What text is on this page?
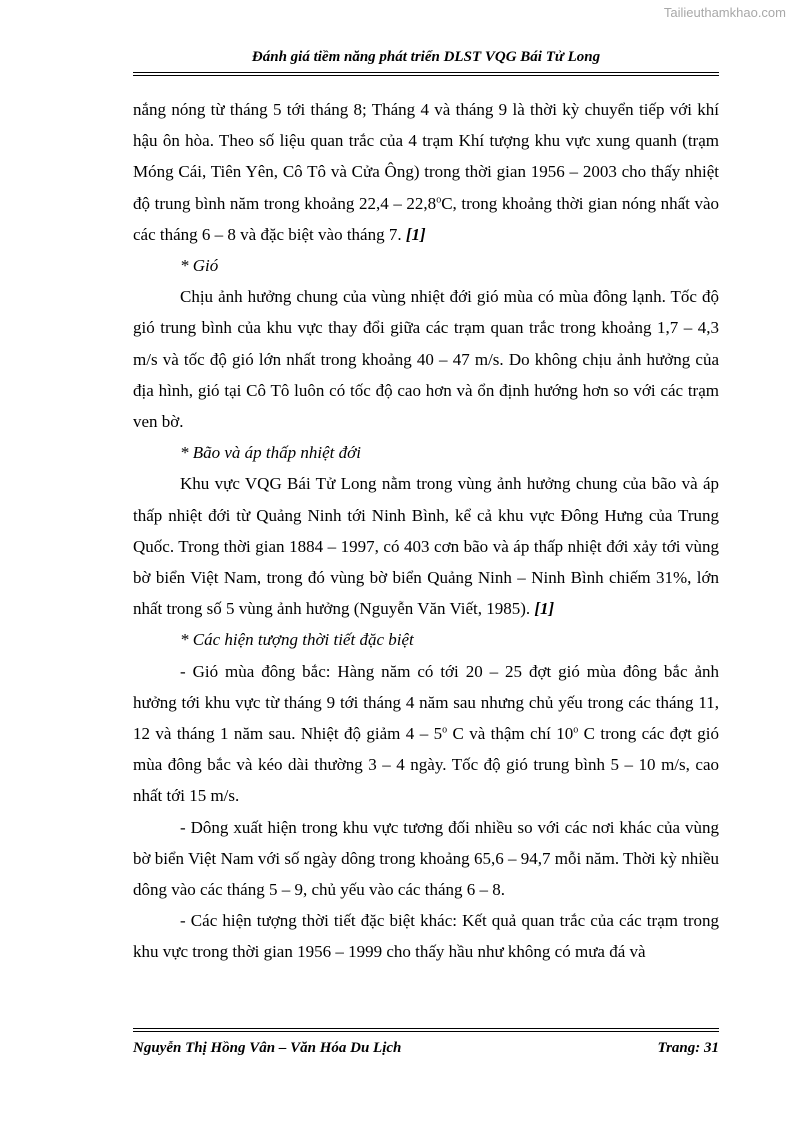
Tailieuthamkhao.com
Đánh giá tiềm năng phát triển DLST VQG Bái Tử Long

nắng nóng từ tháng 5 tới tháng 8; Tháng 4 và tháng 9 là thời kỳ chuyển tiếp với khí hậu ôn hòa. Theo số liệu quan trắc của 4 trạm Khí tượng khu vực xung quanh (trạm Móng Cái, Tiên Yên, Cô Tô và Cửa Ông) trong thời gian 1956 – 2003 cho thấy nhiệt độ trung bình năm trong khoảng 22,4 – 22,8$^o$C, trong khoảng thời gian nóng nhất vào các tháng 6 – 8 và đặc biệt vào tháng 7. [1]

* Gió

Chịu ảnh hưởng chung của vùng nhiệt đới gió mùa có mùa đông lạnh. Tốc độ gió trung bình của khu vực thay đổi giữa các trạm quan trắc trong khoảng 1,7 – 4,3 m/s và tốc độ gió lớn nhất trong khoảng 40 – 47 m/s. Do không chịu ảnh hưởng của địa hình, gió tại Cô Tô luôn có tốc độ cao hơn và ổn định hướng hơn so với các trạm ven bờ.

* Bão và áp thấp nhiệt đới

Khu vực VQG Bái Tử Long nằm trong vùng ảnh hưởng chung của bão và áp thấp nhiệt đới từ Quảng Ninh tới Ninh Bình, kể cả khu vực Đông Hưng của Trung Quốc. Trong thời gian 1884 – 1997, có 403 cơn bão và áp thấp nhiệt đới xảy tới vùng bờ biển Việt Nam, trong đó vùng bờ biển Quảng Ninh – Ninh Bình chiếm 31%, lớn nhất trong số 5 vùng ảnh hưởng (Nguyễn Văn Viết, 1985). [1]

* Các hiện tượng thời tiết đặc biệt

- Gió mùa đông bắc: Hàng năm có tới 20 – 25 đợt gió mùa đông bắc ảnh hưởng tới khu vực từ tháng 9 tới tháng 4 năm sau nhưng chủ yếu trong các tháng 11, 12 và tháng 1 năm sau. Nhiệt độ giảm 4 – 5$^o$ C và thậm chí 10$^o$ C trong các đợt gió mùa đông bắc và kéo dài thường 3 – 4 ngày. Tốc độ gió trung bình 5 – 10 m/s, cao nhất tới 15 m/s.

- Dông xuất hiện trong khu vực tương đối nhiều so với các nơi khác của vùng bờ biển Việt Nam với số ngày dông trong khoảng 65,6 – 94,7 mỗi năm. Thời kỳ nhiều dông vào các tháng 5 – 9, chủ yếu vào các tháng 6 – 8.

- Các hiện tượng thời tiết đặc biệt khác: Kết quả quan trắc của các trạm trong khu vực trong thời gian 1956 – 1999 cho thấy hầu như không có mưa đá và

Nguyễn Thị Hồng Vân – Văn Hóa Du Lịch	Trang: 31
